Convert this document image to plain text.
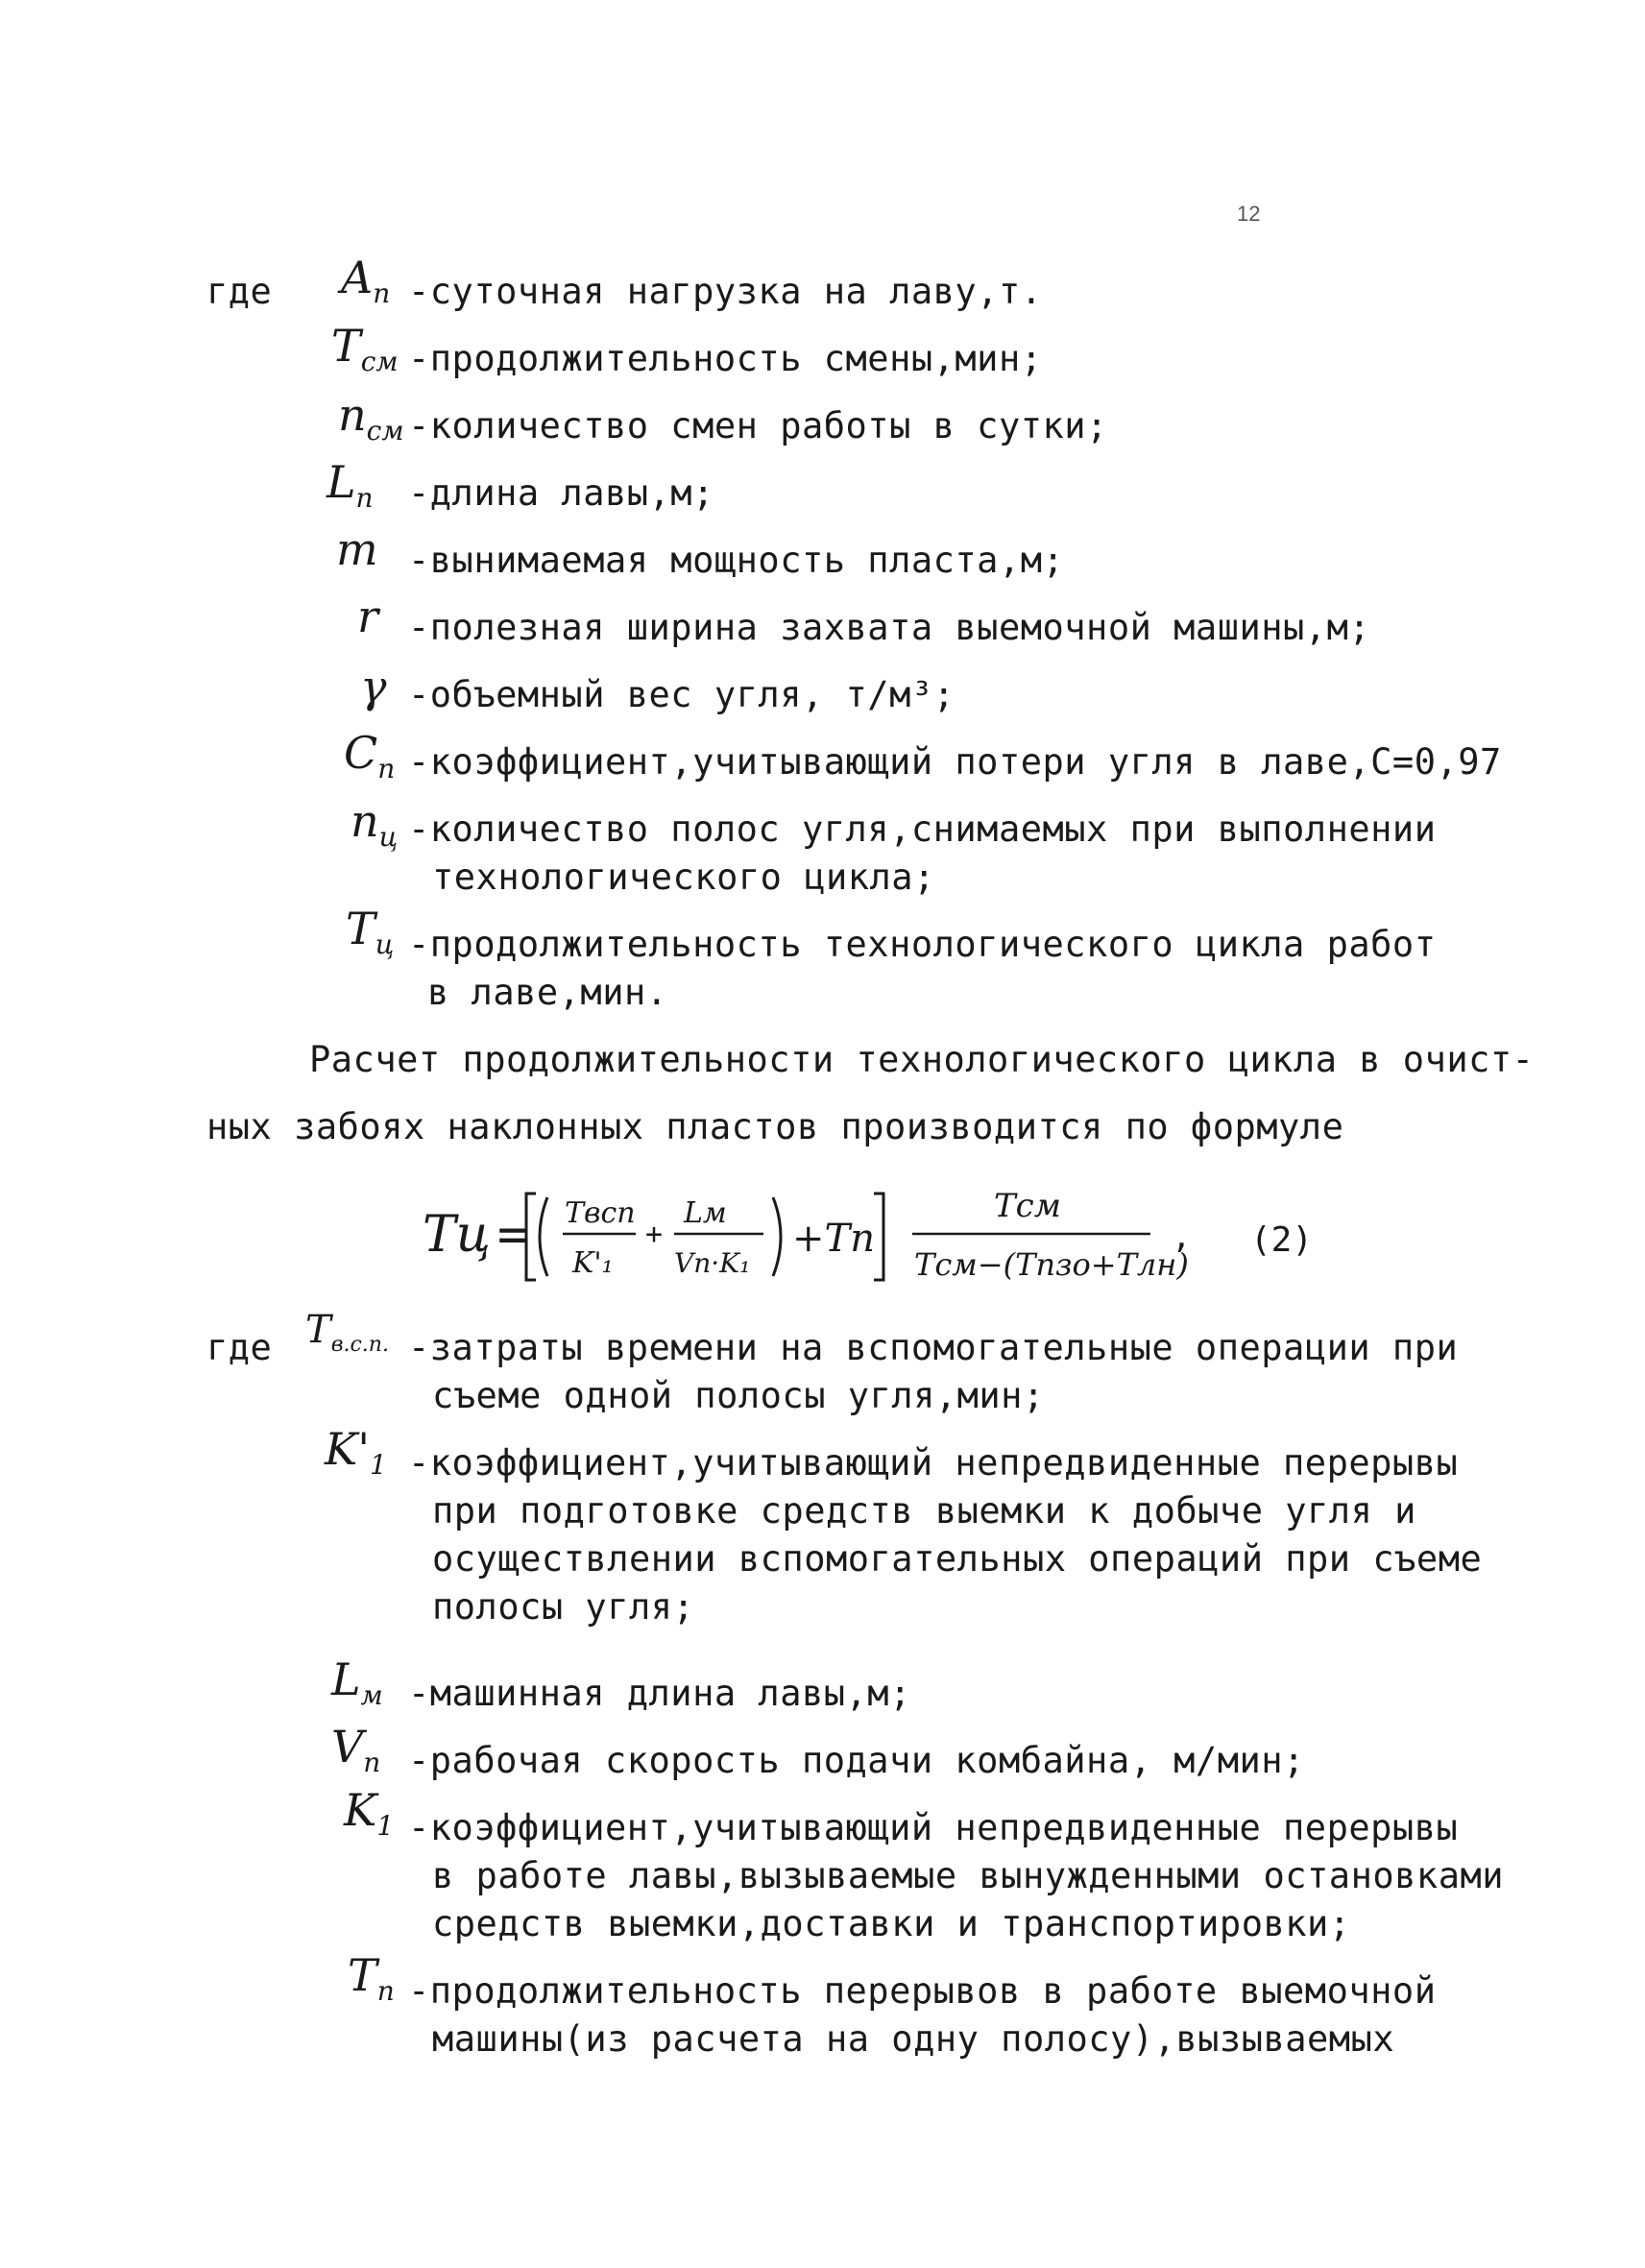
12
где $A_п$ -суточная нагрузка на лаву,т.
$T_{см}$ -продолжительность смены,мин;
$n_{см}$ -количество смен работы в сутки;
$L_п$ -длина лавы,м;
m -вынимаемая мощность пласта,м;
r -полезная ширина захвата выемочной машины,м;
γ -объемный вес угля, т/м³;
$C_п$ -коэффициент,учитывающий потери угля в лаве,С=0,97
$n_ц$ -количество полос угля,снимаемых при выполнении
технологического цикла;
$T_ц$ -продолжительность технологического цикла работ
в лаве,мин.
Расчет продолжительности технологического цикла в очист-
ных забоях наклонных пластов производится по формуле
Tц = Tвсп
K'₁
+
Lм
Vп·K₁
+Tп
Tсм
Tсм−(Tпзо+Tлн)
, (2)
где $T_{в.с.п.}$ -затраты времени на вспомогательные операции при
съеме одной полосы угля,мин;
$K'_1$ -коэффициент,учитывающий непредвиденные перерывы
при подготовке средств выемки к добыче угля и
осуществлении вспомогательных операций при съеме
полосы угля;
$L_м$ -машинная длина лавы,м;
$V_п$ -рабочая скорость подачи комбайна, м/мин;
$K_1$ -коэффициент,учитывающий непредвиденные перерывы
в работе лавы,вызываемые вынужденными остановками
средств выемки,доставки и транспортировки;
$T_п$ -продолжительность перерывов в работе выемочной
машины(из расчета на одну полосу),вызываемых
